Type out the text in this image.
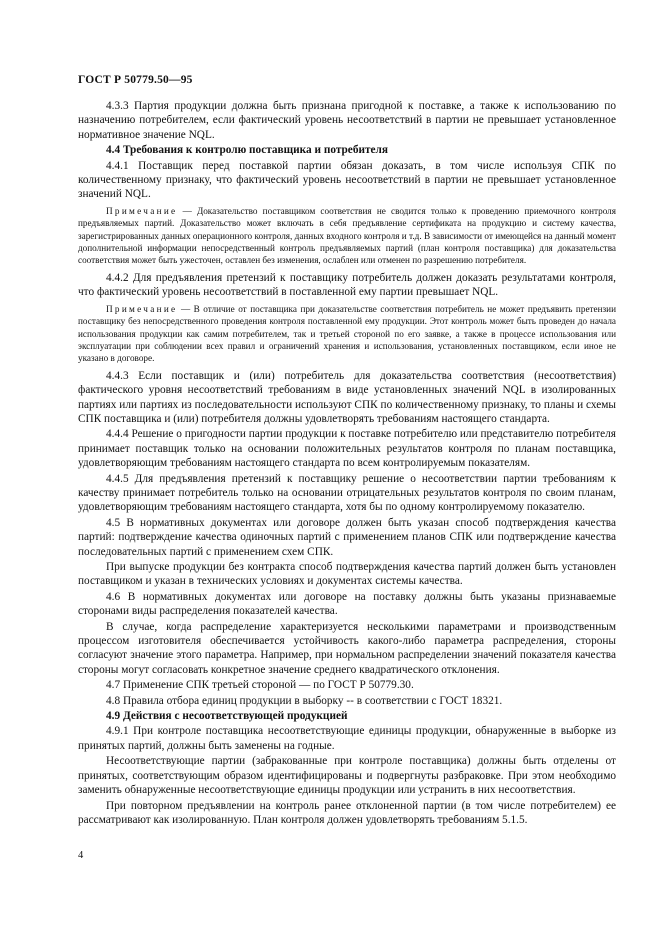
ГОСТ Р 50779.50—95

4.3.3 Партия продукции должна быть признана пригодной к поставке, а также к использованию по назначению потребителем, если фактический уровень несоответствий в партии не превышает установленное нормативное значение NQL.

4.4 Требования к контролю поставщика и потребителя

4.4.1 Поставщик перед поставкой партии обязан доказать, в том числе используя СПК по количественному признаку, что фактический уровень несоответствий в партии не превышает установленное значений NQL.

Примечание — Доказательство поставщиком соответствия не сводится только к проведению приемочного контроля предъявляемых партий. Доказательство может включать в себя предъявление сертификата на продукцию и систему качества, зарегистрированных данных операционного контроля, данных входного контроля и т.д. В зависимости от имеющейся на данный момент дополнительной информации непосредственный контроль предъявляемых партий (план контроля поставщика) для доказательства соответствия может быть ужесточен, оставлен без изменения, ослаблен или отменен по разрешению потребителя.

4.4.2 Для предъявления претензий к поставщику потребитель должен доказать результатами контроля, что фактический уровень несоответствий в поставленной ему партии превышает NQL.

Примечание — В отличие от поставщика при доказательстве соответствия потребитель не может предъявить претензии поставщику без непосредственного проведения контроля поставленной ему продукции. Этот контроль может быть проведен до начала использования продукции как самим потребителем, так и третьей стороной по его заявке, а также в процессе использования или эксплуатации при соблюдении всех правил и ограничений хранения и использования, установленных поставщиком, если иное не указано в договоре.

4.4.3 Если поставщик и (или) потребитель для доказательства соответствия (несоответствия) фактического уровня несоответствий требованиям в виде установленных значений NQL в изолированных партиях или партиях из последовательности используют СПК по количественному признаку, то планы и схемы СПК поставщика и (или) потребителя должны удовлетворять требованиям настоящего стандарта.

4.4.4 Решение о пригодности партии продукции к поставке потребителю или представителю потребителя принимает поставщик только на основании положительных результатов контроля по планам поставщика, удовлетворяющим требованиям настоящего стандарта по всем контролируемым показателям.

4.4.5 Для предъявления претензий к поставщику решение о несоответствии партии требованиям к качеству принимает потребитель только на основании отрицательных результатов контроля по своим планам, удовлетворяющим требованиям настоящего стандарта, хотя бы по одному контролируемому показателю.

4.5 В нормативных документах или договоре должен быть указан способ подтверждения качества партий: подтверждение качества одиночных партий с применением планов СПК или подтверждение качества последовательных партий с применением схем СПК.

При выпуске продукции без контракта способ подтверждения качества партий должен быть установлен поставщиком и указан в технических условиях и документах системы качества.

4.6 В нормативных документах или договоре на поставку должны быть указаны признаваемые сторонами виды распределения показателей качества.

В случае, когда распределение характеризуется несколькими параметрами и производственным процессом изготовителя обеспечивается устойчивость какого-либо параметра распределения, стороны согласуют значение этого параметра. Например, при нормальном распределении значений показателя качества стороны могут согласовать конкретное значение среднего квадратического отклонения.

4.7 Применение СПК третьей стороной — по ГОСТ Р 50779.30.

4.8 Правила отбора единиц продукции в выборку -- в соответствии с ГОСТ 18321.

4.9 Действия с несоответствующей продукцией

4.9.1 При контроле поставщика несоответствующие единицы продукции, обнаруженные в выборке из принятых партий, должны быть заменены на годные.

Несоответствующие партии (забракованные при контроле поставщика) должны быть отделены от принятых, соответствующим образом идентифицированы и подвергнуты разбраковке. При этом необходимо заменить обнаруженные несоответствующие единицы продукции или устранить в них несоответствия.

При повторном предъявлении на контроль ранее отклоненной партии (в том числе потребителем) ее рассматривают как изолированную. План контроля должен удовлетворять требованиям 5.1.5.

4
